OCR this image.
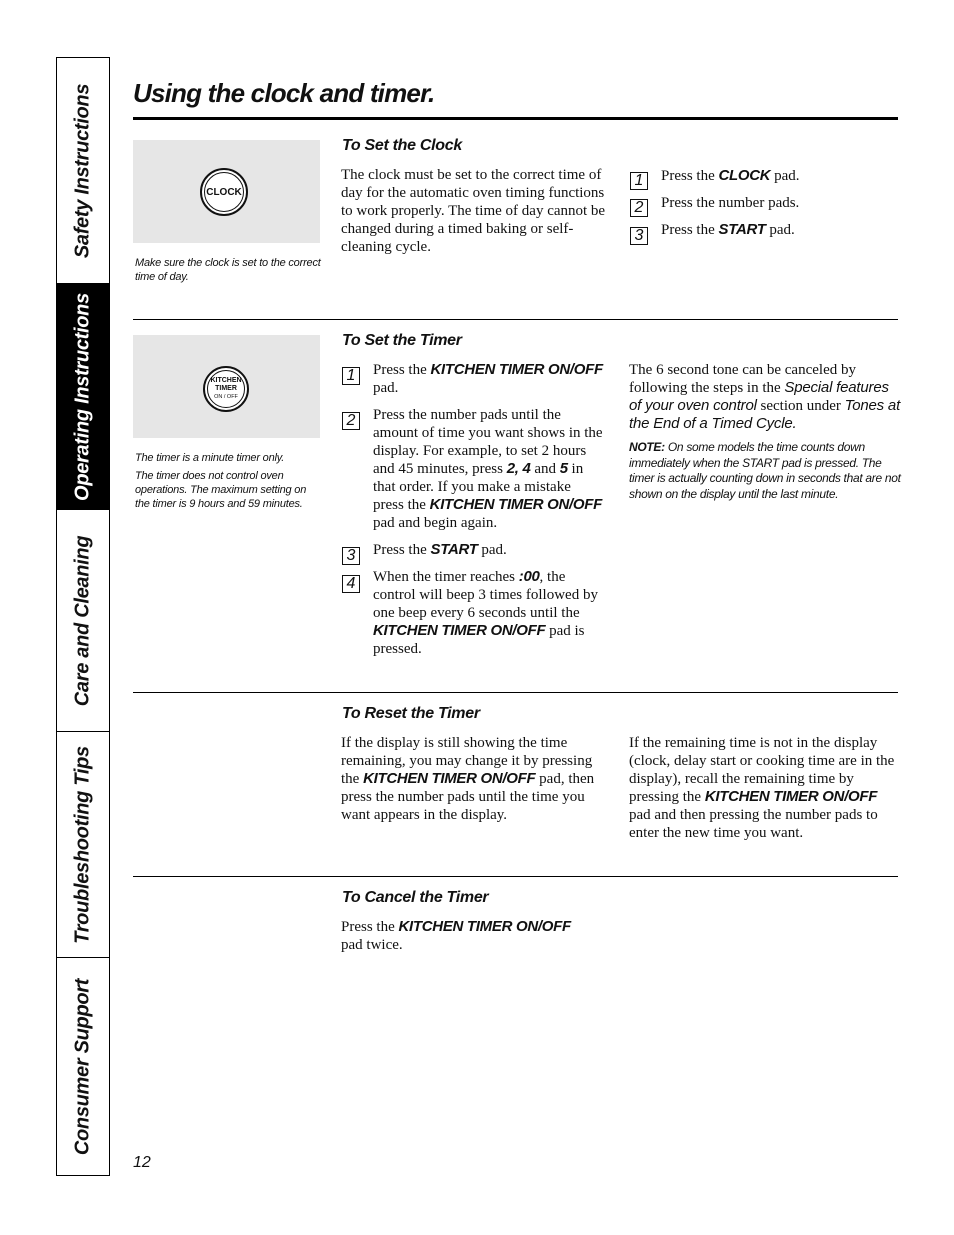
Safety Instructions
Operating Instructions
Care and Cleaning
Troubleshooting Tips
Consumer Support
Using the clock and timer.
CLOCK

Make sure the clock is set to the correct time of day.

To Set the Clock

The clock must be set to the correct time of day for the automatic oven timing functions to work properly. The time of day cannot be changed during a timed baking or self-cleaning cycle.

1	Press the CLOCK pad.
2	Press the number pads.
3	Press the START pad.
KITCHEN
TIMER
ON / OFF

The timer is a minute timer only.

The timer does not control oven operations. The maximum setting on the timer is 9 hours and 59 minutes.

To Set the Timer
1	Press the KITCHEN TIMER ON/OFF pad.
2	Press the number pads until the amount of time you want shows in the display. For example, to set 2 hours and 45 minutes, press 2, 4 and 5 in that order. If you make a mistake press the KITCHEN TIMER ON/OFF pad and begin again.
3	Press the START pad.
4	When the timer reaches :00, the control will beep 3 times followed by one beep every 6 seconds until the KITCHEN TIMER ON/OFF pad is pressed.

The 6 second tone can be canceled by following the steps in the Special features of your oven control section under Tones at the End of a Timed Cycle.

NOTE: On some models the time counts down immediately when the START pad is pressed. The timer is actually counting down in seconds that are not shown on the display until the last minute.

To Reset the Timer

If the display is still showing the time remaining, you may change it by pressing the KITCHEN TIMER ON/OFF pad, then press the number pads until the time you want appears in the display.

If the remaining time is not in the display (clock, delay start or cooking time are in the display), recall the remaining time by pressing the KITCHEN TIMER ON/OFF pad and then pressing the number pads to enter the new time you want.

To Cancel the Timer

Press the KITCHEN TIMER ON/OFF pad twice.

12
